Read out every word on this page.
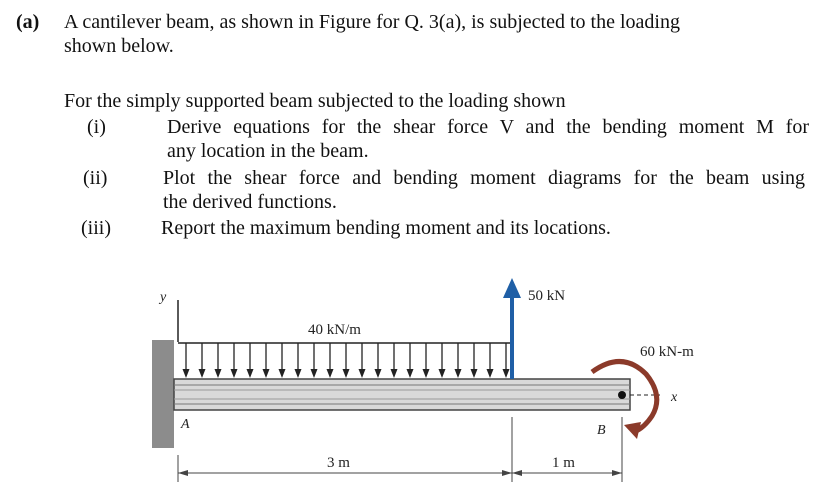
(a) A cantilever beam, as shown in Figure for Q. 3(a), is subjected to the loading
shown below.
For the simply supported beam subjected to the loading shown
(i)	Derive equations for the shear force V and the bending moment M for
any location in the beam.
(ii)	Plot the shear force and bending moment diagrams for the beam using
the derived functions.
(iii)	Report the maximum bending moment and its locations.
y
x
40 kN/m
50 kN
60 kN-m
A	B
3 m	1 m
